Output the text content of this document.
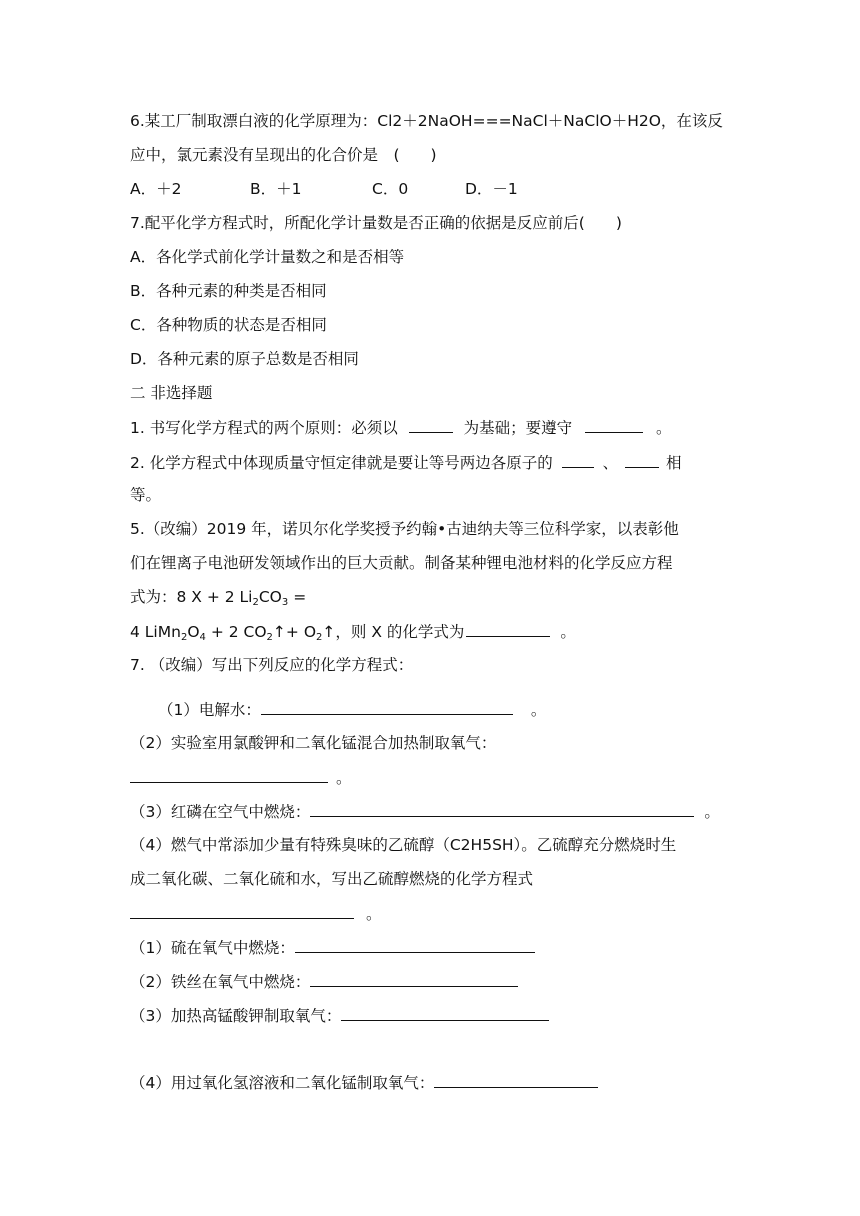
6.某工厂制取漂白液的化学原理为：Cl2＋2NaOH===NaCl＋NaClO＋H2O，在该反
应中，氯元素没有呈现出的化合价是　(　　)
A．＋2	B．＋1	C．0	D．－1
7.配平化学方程式时，所配化学计量数是否正确的依据是反应前后(　　)
A．各化学式前化学计量数之和是否相等
B．各种元素的种类是否相同
C．各种物质的状态是否相同
D．各种元素的原子总数是否相同
二 非选择题
1. 书写化学方程式的两个原则：必须以	为基础；要遵守	。
2. 化学方程式中体现质量守恒定律就是要让等号两边各原子的	、	相
等。
5.（改编）2019 年，诺贝尔化学奖授予约翰•古迪纳夫等三位科学家，以表彰他
们在锂离子电池研发领域作出的巨大贡献。制备某种锂电池材料的化学反应方程
式为：8 X + 2 $Li_2CO_3$ =
4 $LiMn_2O_4 + 2$ $CO_2↑+$ $O_2↑$，则 X 的化学式为	。
7. （改编）写出下列反应的化学方程式：
（1）电解水：	。
（2）实验室用氯酸钾和二氧化锰混合加热制取氧气：
。
（3）红磷在空气中燃烧：	。
（4）燃气中常添加少量有特殊臭味的乙硫醇（C2H5SH）。乙硫醇充分燃烧时生
成二氧化碳、二氧化硫和水，写出乙硫醇燃烧的化学方程式
。
（1）硫在氧气中燃烧：
（2）铁丝在氧气中燃烧：
（3）加热高锰酸钾制取氧气：
（4）用过氧化氢溶液和二氧化锰制取氧气：
